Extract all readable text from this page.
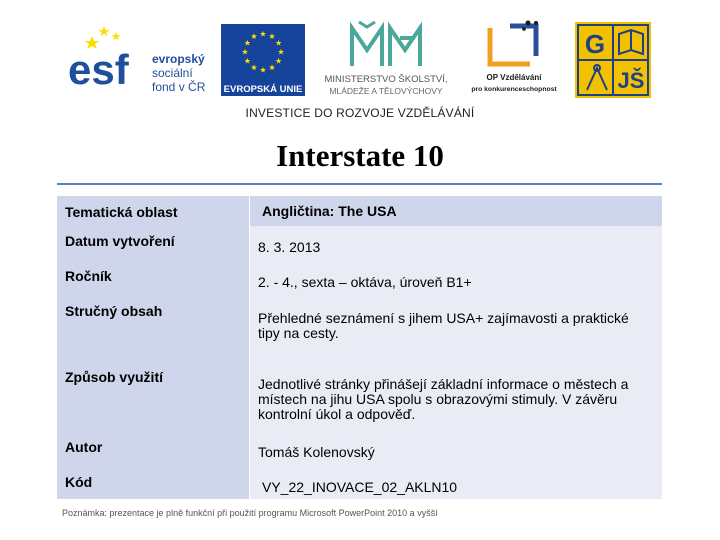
esf evropský
sociální
fond v ČR EVROPSKÁ UNIE
MINISTERSTVO ŠKOLSTVÍ,
MLÁDEŽE A TĚLOVÝCHOVY
OP Vzdělávání
pro konkurenceschopnost
G
JŠ
INVESTICE DO ROZVOJE VZDĚLÁVÁNÍ
Interstate 10
Tematická oblast	Angličtina: The USA
Datum vytvoření	8. 3. 2013
Ročník	2. - 4., sexta – oktáva, úroveň B1+
Stručný obsah	Přehledné seznámení s jihem USA+ zajímavosti a praktické tipy na cesty.
Způsob využití	Jednotlivé stránky přinášejí základní informace o městech a místech na jihu USA spolu s obrazovými stimuly. V závěru kontrolní úkol a odpověď.
Autor	Tomáš Kolenovský
Kód	VY_22_INOVACE_02_AKLN10
Poznámka: prezentace je plně funkční při použití programu Microsoft PowerPoint 2010 a vyšší
